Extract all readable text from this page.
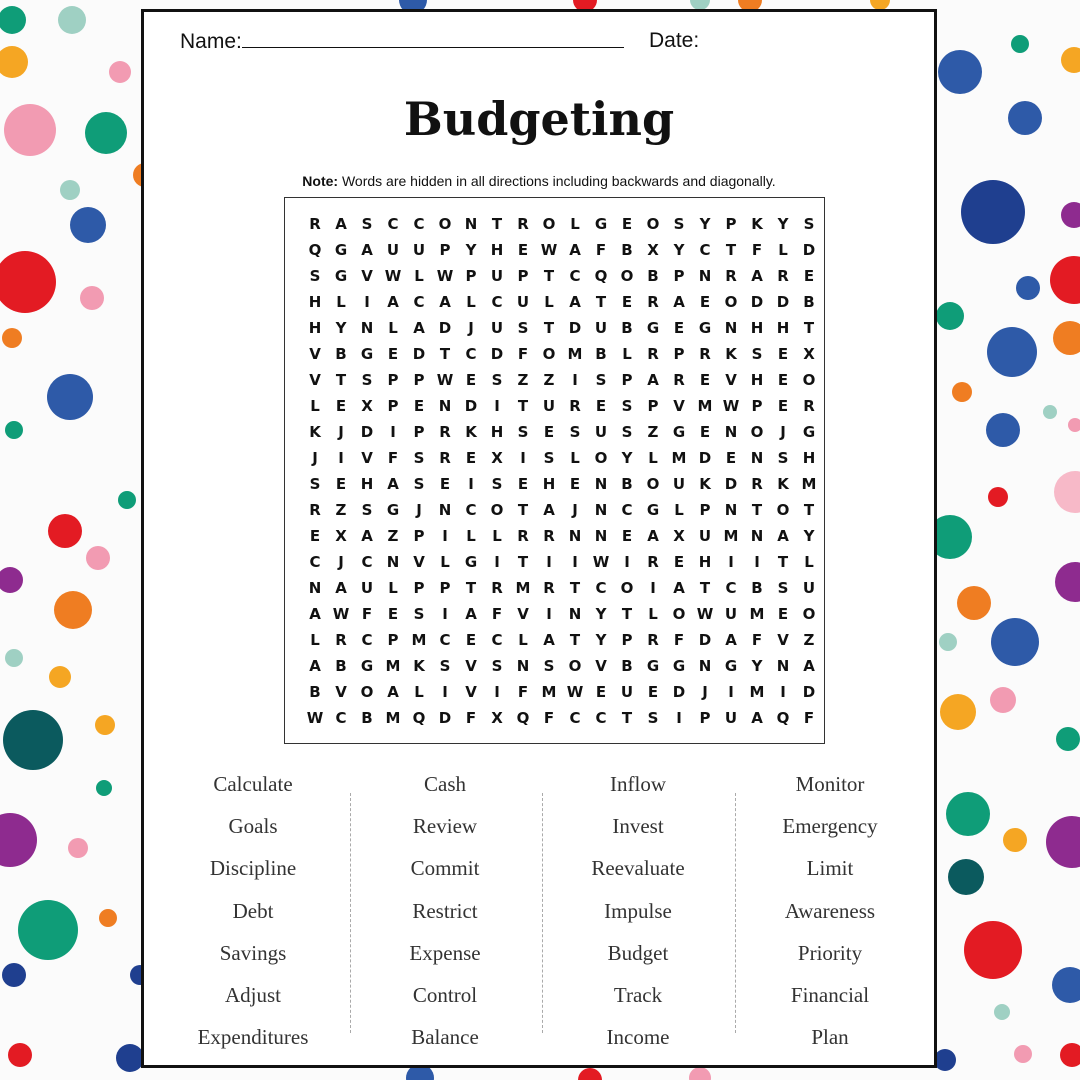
Name:	Date:
Budgeting
Note: Words are hidden in all directions including backwards and diagonally.
R	A	S	C	C	O	N	T	R	O	L	G	E	O	S	Y	P	K	Y	S
Q	G	A	U	U	P	Y	H	E	W	A	F	B	X	Y	C	T	F	L	D
S	G	V	W	L	W	P	U	P	T	C	Q	O	B	P	N	R	A	R	E
H	L	I	A	C	A	L	C	U	L	A	T	E	R	A	E	O	D	D	B
H	Y	N	L	A	D	J	U	S	T	D	U	B	G	E	G	N	H	H	T
V	B	G	E	D	T	C	D	F	O	M	B	L	R	P	R	K	S	E	X
V	T	S	P	P	W	E	S	Z	Z	I	S	P	A	R	E	V	H	E	O
L	E	X	P	E	N	D	I	T	U	R	E	S	P	V	M	W	P	E	R
K	J	D	I	P	R	K	H	S	E	S	U	S	Z	G	E	N	O	J	G
J	I	V	F	S	R	E	X	I	S	L	O	Y	L	M	D	E	N	S	H
S	E	H	A	S	E	I	S	E	H	E	N	B	O	U	K	D	R	K	M
R	Z	S	G	J	N	C	O	T	A	J	N	C	G	L	P	N	T	O	T
E	X	A	Z	P	I	L	L	R	R	N	N	E	A	X	U	M	N	A	Y
C	J	C	N	V	L	G	I	T	I	I	W	I	R	E	H	I	I	T	L
N	A	U	L	P	P	T	R	M	R	T	C	O	I	A	T	C	B	S	U
A	W	F	E	S	I	A	F	V	I	N	Y	T	L	O	W	U	M	E	O
L	R	C	P	M	C	E	C	L	A	T	Y	P	R	F	D	A	F	V	Z
A	B	G	M	K	S	V	S	N	S	O	V	B	G	G	N	G	Y	N	A
B	V	O	A	L	I	V	I	F	M	W	E	U	E	D	J	I	M	I	D
W	C	B	M	Q	D	F	X	Q	F	C	C	T	S	I	P	U	A	Q	F
Calculate
Goals
Discipline
Debt
Savings
Adjust
Expenditures
Cash
Review
Commit
Restrict
Expense
Control
Balance
Inflow
Invest
Reevaluate
Impulse
Budget
Track
Income
Monitor
Emergency
Limit
Awareness
Priority
Financial
Plan
